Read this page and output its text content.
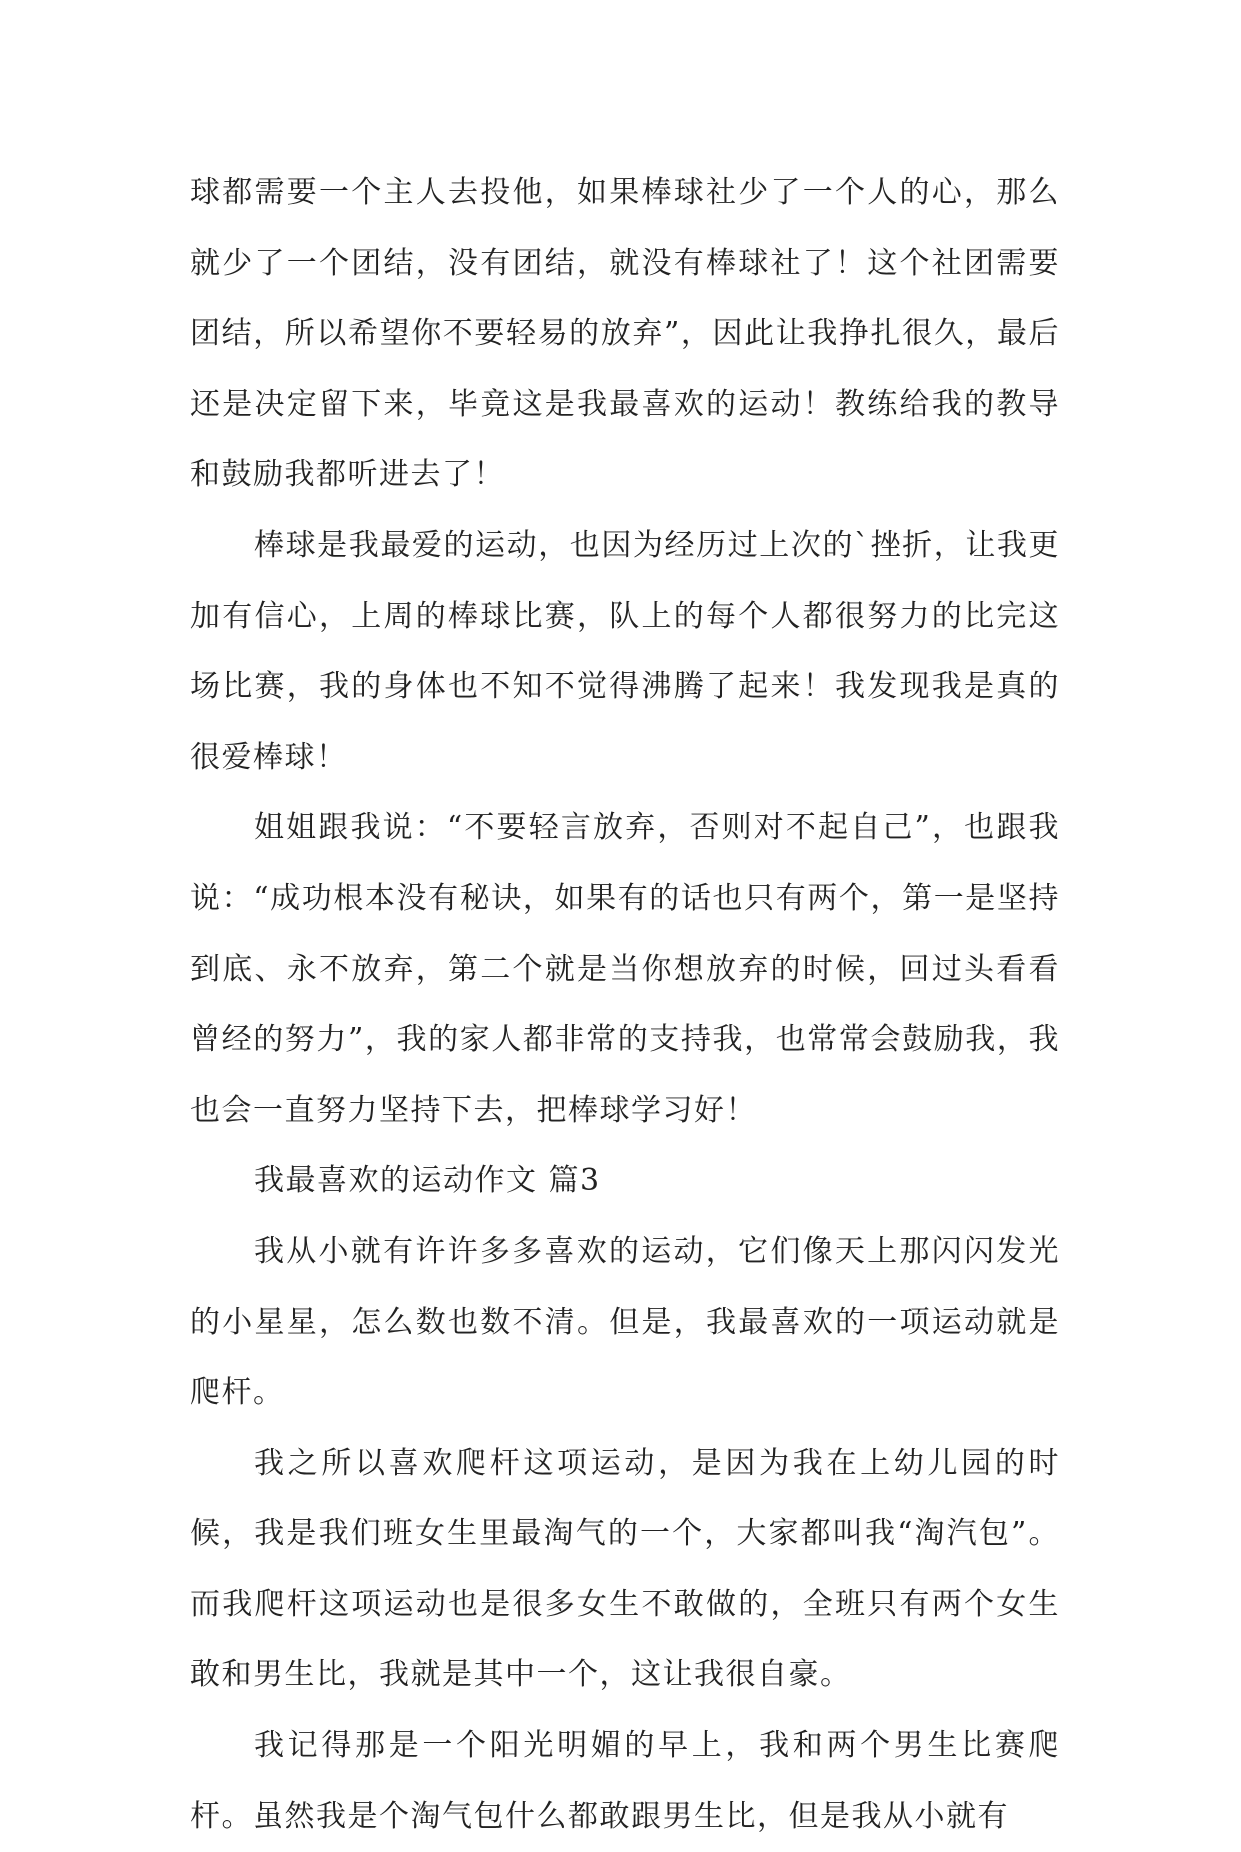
球都需要一个主人去投他，如果棒球社少了一个人的心，那么就少了一个团结，没有团结，就没有棒球社了！这个社团需要团结，所以希望你不要轻易的放弃”，因此让我挣扎很久，最后还是决定留下来，毕竟这是我最喜欢的运动！教练给我的教导和鼓励我都听进去了！

棒球是我最爱的运动，也因为经历过上次的`挫折，让我更加有信心，上周的棒球比赛，队上的每个人都很努力的比完这场比赛，我的身体也不知不觉得沸腾了起来！我发现我是真的很爱棒球！

姐姐跟我说：“不要轻言放弃，否则对不起自己”，也跟我说：“成功根本没有秘诀，如果有的话也只有两个，第一是坚持到底、永不放弃，第二个就是当你想放弃的时候，回过头看看曾经的努力”，我的家人都非常的支持我，也常常会鼓励我，我也会一直努力坚持下去，把棒球学习好！

我最喜欢的运动作文 篇3

我从小就有许许多多喜欢的运动，它们像天上那闪闪发光的小星星，怎么数也数不清。但是，我最喜欢的一项运动就是爬杆。

我之所以喜欢爬杆这项运动，是因为我在上幼儿园的时候，我是我们班女生里最淘气的一个，大家都叫我“淘汽包”。而我爬杆这项运动也是很多女生不敢做的，全班只有两个女生敢和男生比，我就是其中一个，这让我很自豪。

我记得那是一个阳光明媚的早上，我和两个男生比赛爬杆。虽然我是个淘气包什么都敢跟男生比，但是我从小就有
